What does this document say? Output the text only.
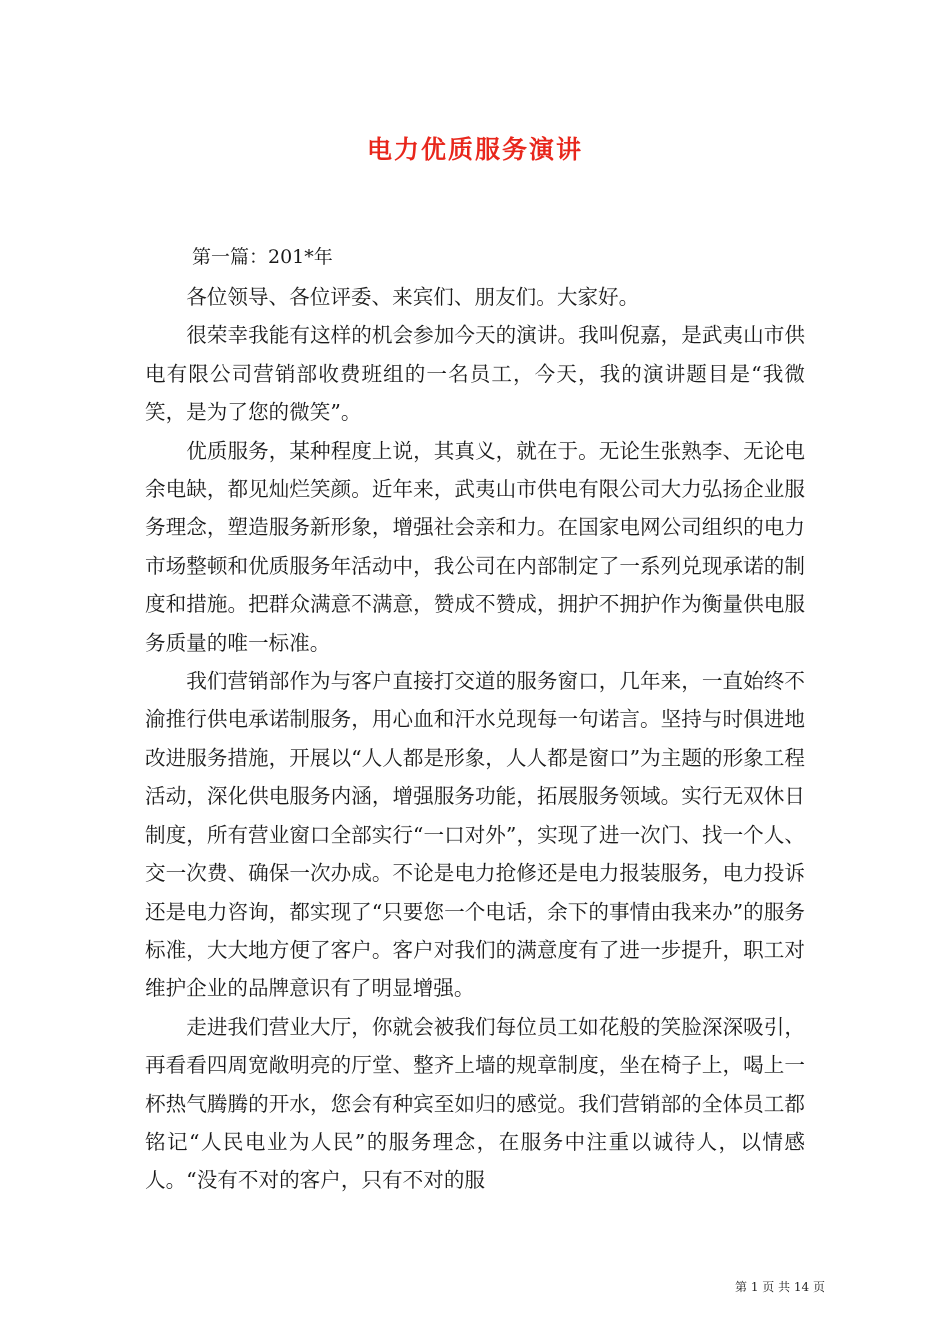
电力优质服务演讲

第一篇：201*年

各位领导、各位评委、来宾们、朋友们。大家好。

很荣幸我能有这样的机会参加今天的演讲。我叫倪嘉，是武夷山市供电有限公司营销部收费班组的一名员工，今天，我的演讲题目是“我微笑，是为了您的微笑”。

优质服务，某种程度上说，其真义，就在于。无论生张熟李、无论电余电缺，都见灿烂笑颜。近年来，武夷山市供电有限公司大力弘扬企业服务理念，塑造服务新形象，增强社会亲和力。在国家电网公司组织的电力市场整顿和优质服务年活动中，我公司在内部制定了一系列兑现承诺的制度和措施。把群众满意不满意，赞成不赞成，拥护不拥护作为衡量供电服务质量的唯一标准。

我们营销部作为与客户直接打交道的服务窗口，几年来，一直始终不渝推行供电承诺制服务，用心血和汗水兑现每一句诺言。坚持与时俱进地改进服务措施，开展以“人人都是形象，人人都是窗口”为主题的形象工程活动，深化供电服务内涵，增强服务功能，拓展服务领域。实行无双休日制度，所有营业窗口全部实行“一口对外”，实现了进一次门、找一个人、交一次费、确保一次办成。不论是电力抢修还是电力报装服务，电力投诉还是电力咨询，都实现了“只要您一个电话，余下的事情由我来办”的服务标准，大大地方便了客户。客户对我们的满意度有了进一步提升，职工对维护企业的品牌意识有了明显增强。

走进我们营业大厅，你就会被我们每位员工如花般的笑脸深深吸引，再看看四周宽敞明亮的厅堂、整齐上墙的规章制度，坐在椅子上，喝上一杯热气腾腾的开水，您会有种宾至如归的感觉。我们营销部的全体员工都铭记“人民电业为人民”的服务理念，在服务中注重以诚待人，以情感人。“没有不对的客户，只有不对的服

第 1 页 共 14 页
